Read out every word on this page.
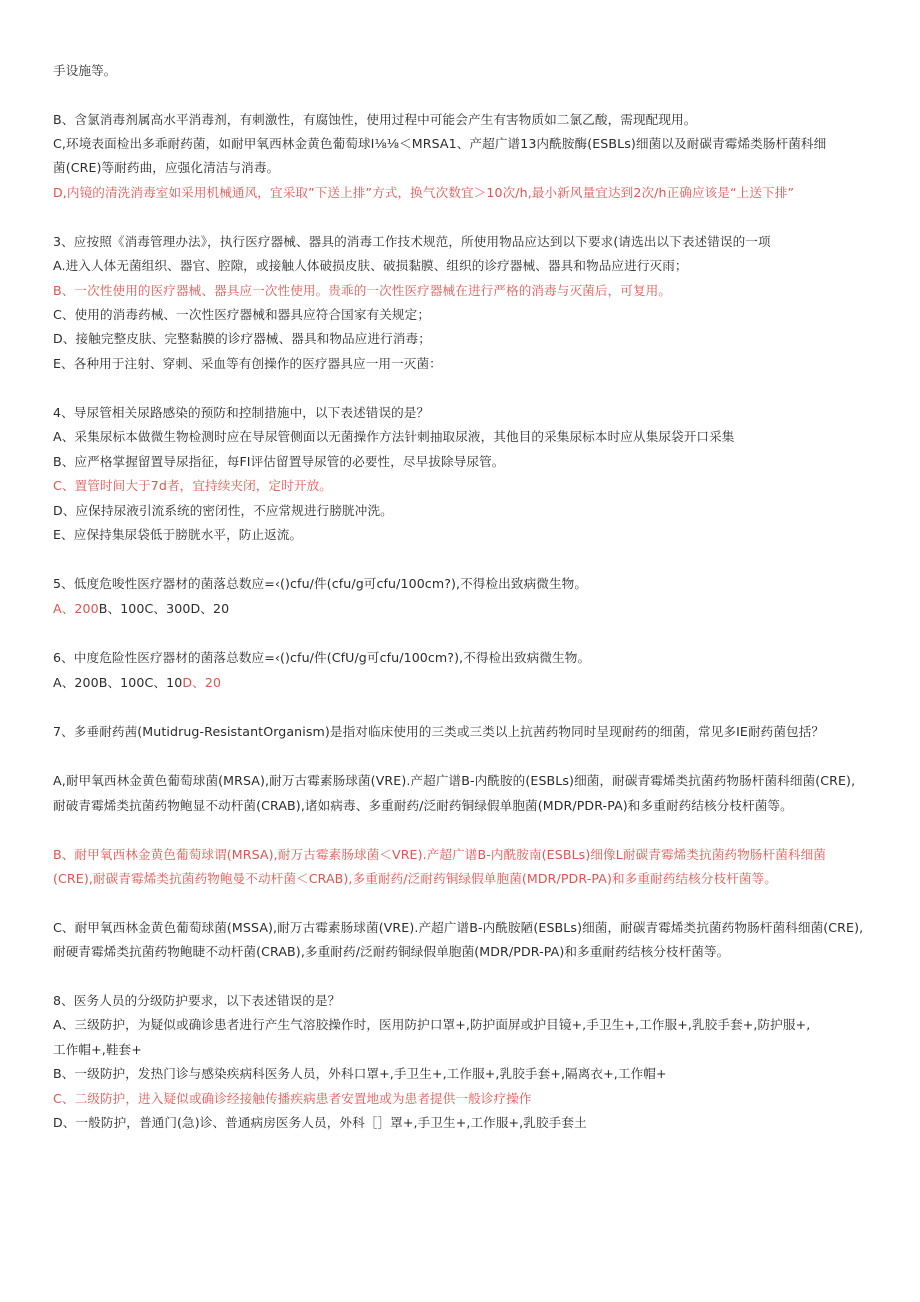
手设施等。
B、含氯消毒剂属高水平消毒剂，有刺激性，有腐蚀性，使用过程中可能会产生有害物质如二氯乙酸，需现配现用。
C,环境表面检出多乖耐药菌，如耐甲氧西林金黄色葡萄球I⅛⅛＜MRSA1、产超广谱13内酰胺酶(ESBLs)细菌以及耐碳青霉烯类肠杆菌科细
菌(CRE)等耐药曲，应强化清洁与消毒。
D,内镜的清洗消毒室如采用机械通风，宜采取”下送上排”方式，换气次数宜＞10次/h,最小新风量宜达到2次/h正确应该是“上送下排”
3、应按照《消毒管理办法》，执行医疗器械、器具的消毒工作技术规范，所使用物品应达到以下要求(请选出以下表述错误的一项
A.进入人体无菌组织、器官、腔隙，或接触人体破损皮肤、破损黏膜、组织的诊疗器械、器具和物品应进行灭雨；
B、一次性使用的医疗器械、器具应一次性使用。贵乖的一次性医疗器械在进行严格的消毒与灭菌后，可复用。
C、使用的消毒药械、一次性医疗器械和器具应符合国家有关规定；
D、接触完整皮肤、完整黏膜的诊疗器械、器具和物品应进行消毒；
E、各种用于注射、穿刺、采血等有创操作的医疗器具应一用一灭菌：
4、导尿管相关尿路感染的预防和控制措施中，以下表述错误的是？
A、采集尿标本做微生物检测时应在导尿管侧面以无菌操作方法针刺抽取尿液，其他目的采集尿标本时应从集尿袋开口采集
B、应严格掌握留置导尿指征，每FI评估留置导尿管的必要性，尽早拔除导尿管。
C、置管时间大于7d者，宜持续夹闭，定时开放。
D、应保持尿液引流系统的密闭性，不应常规进行膀胱冲洗。
E、应保持集尿袋低于膀胱水平，防止返流。
5、低度危唆性医疗器材的菌落总数应=‹()cfu/件(cfu/g可cfu/100cm?),不得检出致病微生物。
A、200B、100C、300D、20
6、中度危险性医疗器材的菌落总数应=‹()cfu/件(CfU/g可cfu/100cm?),不得检出致病微生物。
A、200B、100C、10D、20
7、多垂耐药茜(Mutidrug-ResistantOrganism)是指对临床使用的三类或三类以上抗茜药物同时呈现耐药的细菌，常见多IE耐药菌包括？
A,耐甲氧西林金黄色葡萄球菌(MRSA),耐万古霉素肠球菌(VRE).产超广谱B-内酰胺的(ESBLs)细菌，耐碳青霉烯类抗菌药物肠杆菌科细菌(CRE),
耐破青霉烯类抗菌药物鲍显不动杆菌(CRAB),诸如病毒、多重耐药/泛耐药铜绿假单胞菌(MDR/PDR-PA)和多重耐药结核分枝杆菌等。
B、耐甲氧西林金黄色葡萄球谓(MRSA),耐万古霉素肠球菌＜VRE).产超广谱B-内酰胺南(ESBLs)细像L耐碳青霉烯类抗菌药物肠杆菌科细菌
(CRE),耐碳青霉烯类抗菌药物鲍曼不动杆菌＜CRAB),多重耐药/泛耐药铜绿假单胞菌(MDR/PDR-PA)和多重耐药结核分枝杆菌等。
C、耐甲氧西林金黄色葡萄球菌(MSSA),耐万古霉素肠球菌(VRE).产超广谱B-内酰胺陋(ESBLs)细菌，耐碳青霉烯类抗菌药物肠杆菌科细菌(CRE),
耐硬青霉烯类抗菌药物鲍睫不动杆菌(CRAB),多重耐药/泛耐药铜绿假单胞菌(MDR/PDR-PA)和多重耐药结核分枝杆菌等。
8、医务人员的分级防护要求，以下表述错误的是？
A、三级防护，为疑似或确诊患者进行产生气溶胶操作时，医用防护口罩+,防护面屏或护目镜+,手卫生+,工作服+,乳胶手套+,防护服+,
工作帽+,鞋套+
B、一级防护，发热门诊与感染疾病科医务人员，外科口罩+,手卫生+,工作服+,乳胶手套+,隔离衣+,工作帽+
C、二级防护，进入疑似或确诊经接触传播疾病患者安置地或为患者提供一般诊疗操作
D、一般防护，普通门(急)诊、普通病房医务人员，外科［］罩+,手卫生+,工作服+,乳胶手套土
